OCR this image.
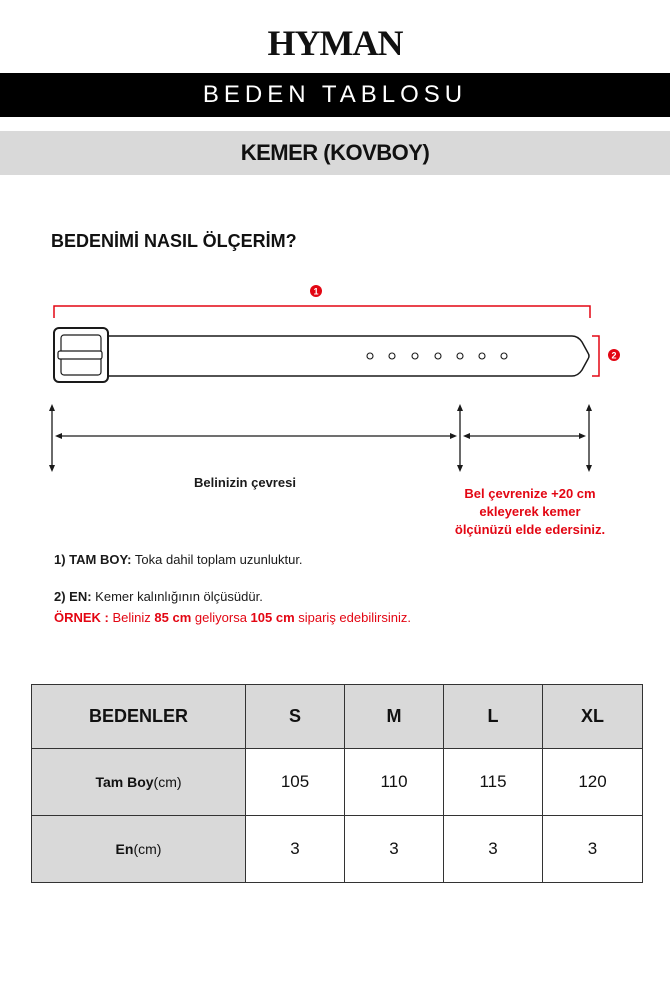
HYMAN
BEDEN TABLOSU
KEMER (KOVBOY)
BEDENİMİ NASIL ÖLÇERİM?
1
2
Belinizin çevresi
Bel çevrenize +20 cm
ekleyerek kemer
ölçünüzü elde edersiniz.
1) TAM BOY: Toka dahil toplam uzunluktur.
2) EN: Kemer kalınlığının ölçüsüdür.
ÖRNEK : Beliniz 85 cm geliyorsa 105 cm sipariş edebilirsiniz.
BEDENLER	S	M	L	XL
Tam Boy(cm)	105	110	115	120
En(cm)	3	3	3	3
